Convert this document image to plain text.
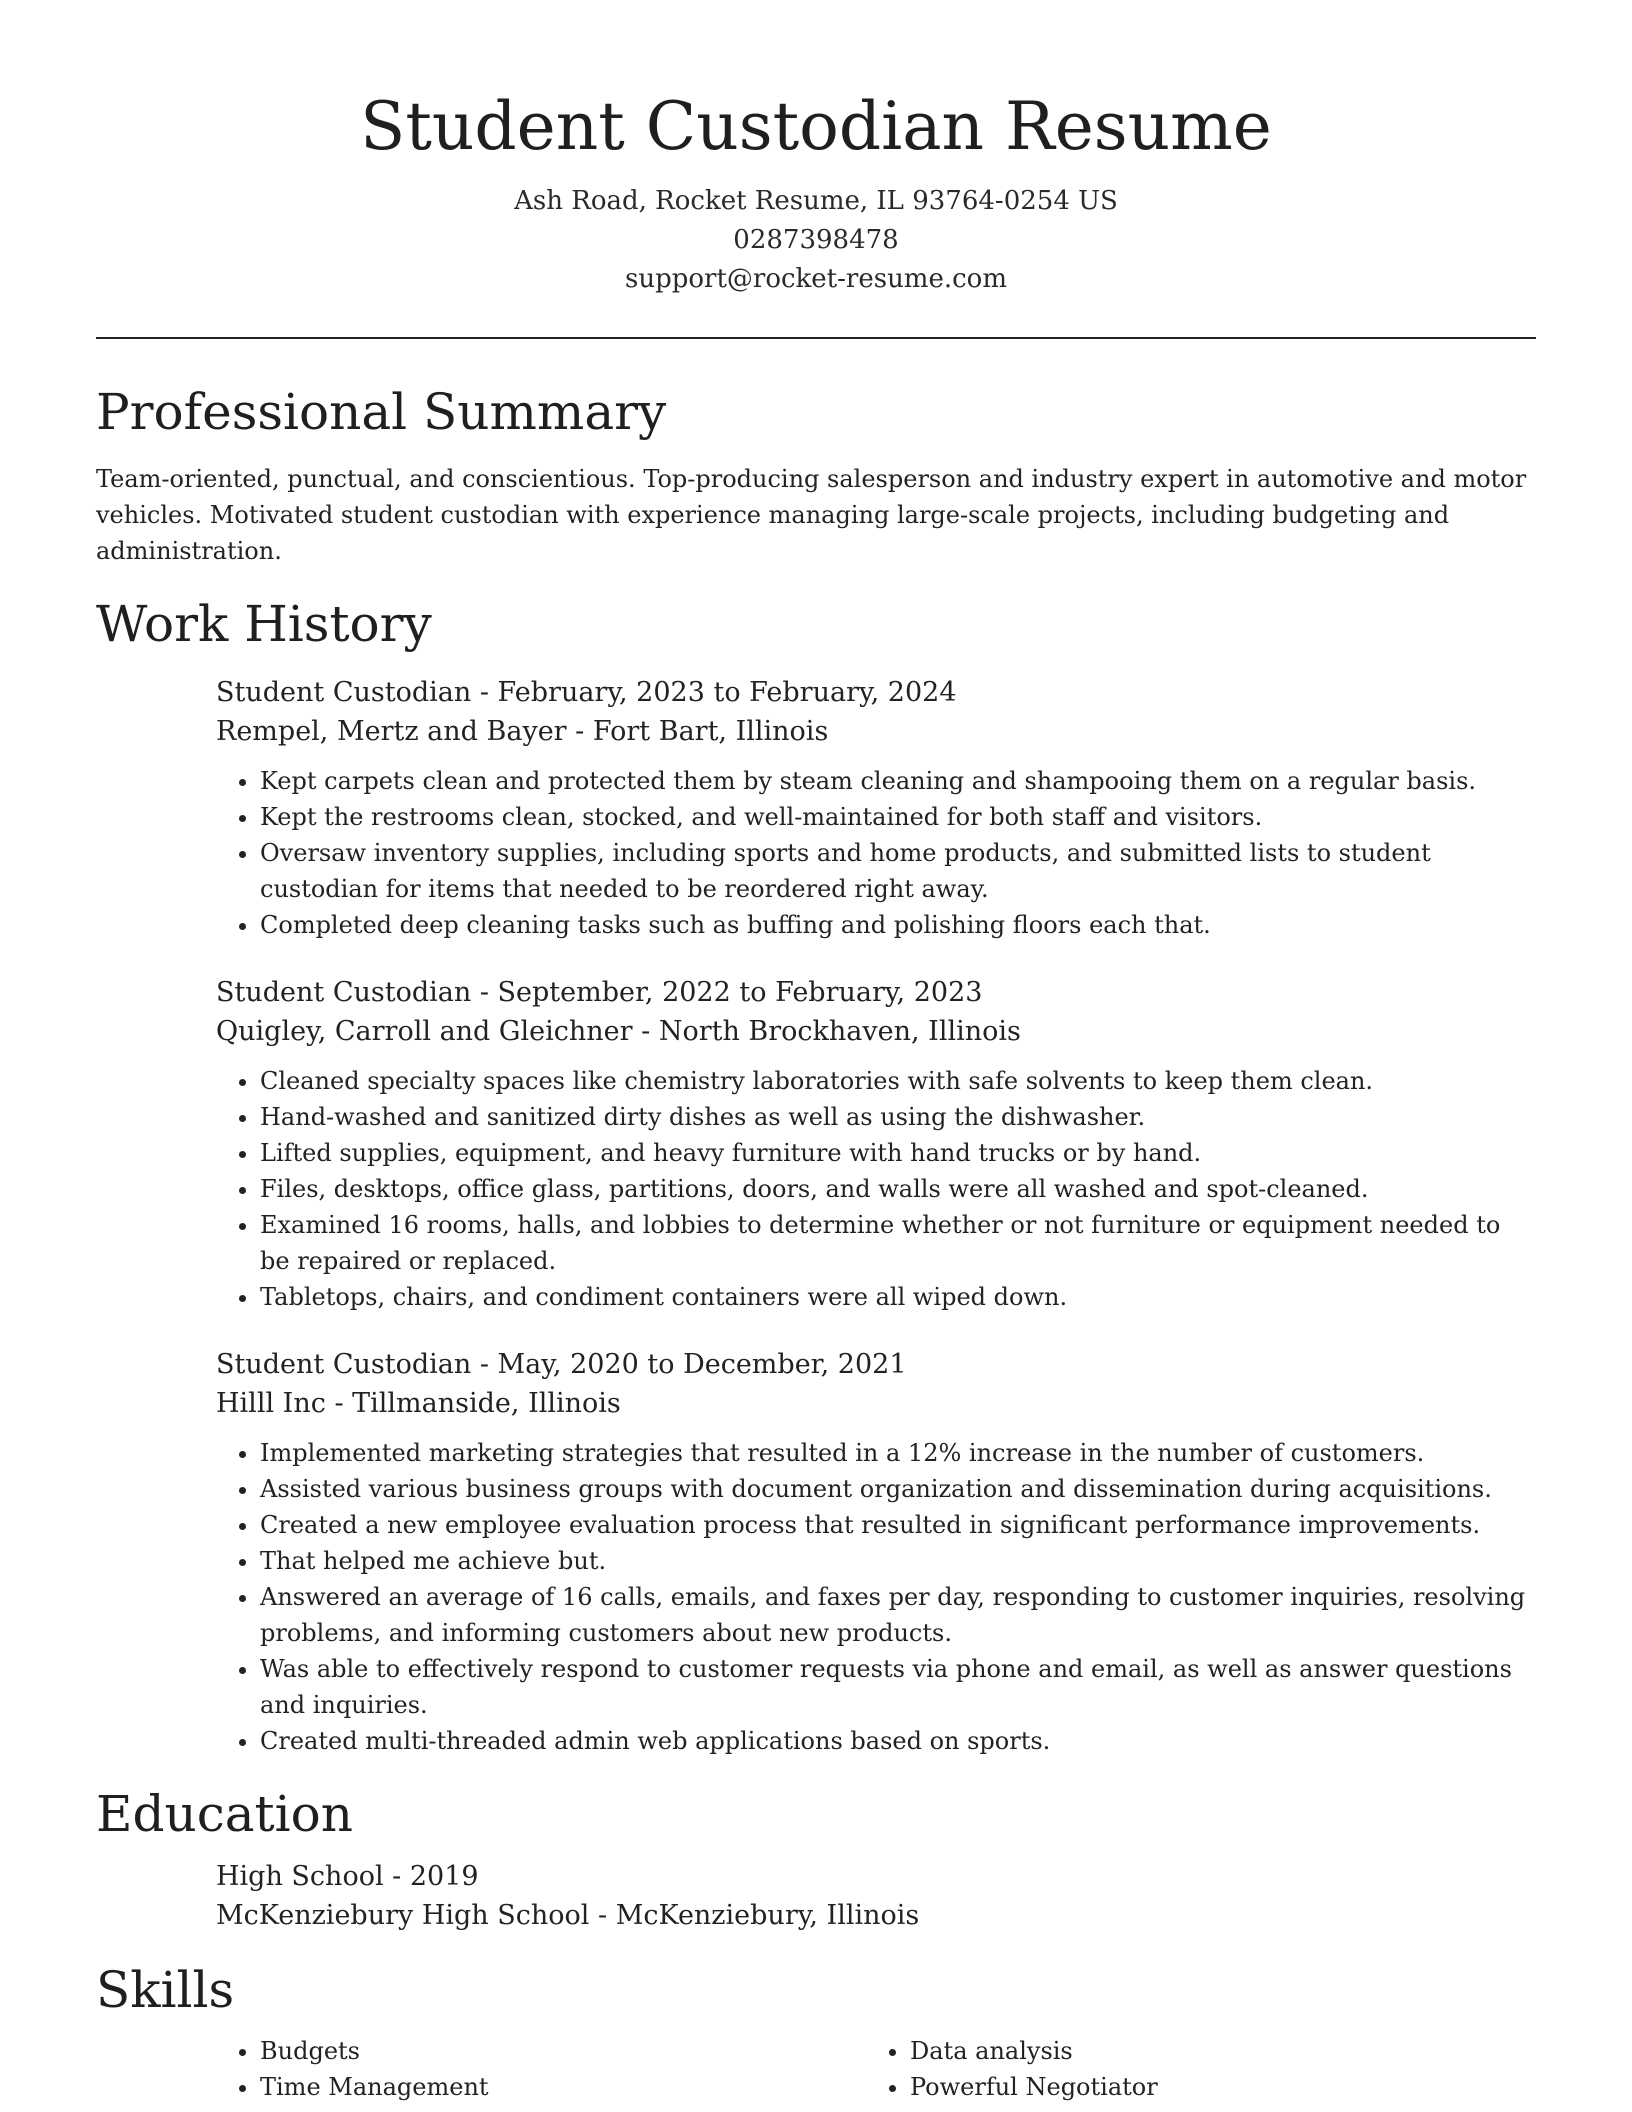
Student Custodian Resume
Ash Road, Rocket Resume, IL 93764-0254 US
0287398478
support@rocket-resume.com
Professional Summary

Team-oriented, punctual, and conscientious. Top-producing salesperson and industry expert in automotive and motor vehicles. Motivated student custodian with experience managing large-scale projects, including budgeting and administration.

Work History
Student Custodian - February, 2023 to February, 2024
Rempel, Mertz and Bayer - Fort Bart, Illinois
• Kept carpets clean and protected them by steam cleaning and shampooing them on a regular basis.
• Kept the restrooms clean, stocked, and well-maintained for both staff and visitors.
• Oversaw inventory supplies, including sports and home products, and submitted lists to student custodian for items that needed to be reordered right away.
• Completed deep cleaning tasks such as buffing and polishing floors each that.
Student Custodian - September, 2022 to February, 2023
Quigley, Carroll and Gleichner - North Brockhaven, Illinois
• Cleaned specialty spaces like chemistry laboratories with safe solvents to keep them clean.
• Hand-washed and sanitized dirty dishes as well as using the dishwasher.
• Lifted supplies, equipment, and heavy furniture with hand trucks or by hand.
• Files, desktops, office glass, partitions, doors, and walls were all washed and spot-cleaned.
• Examined 16 rooms, halls, and lobbies to determine whether or not furniture or equipment needed to be repaired or replaced.
• Tabletops, chairs, and condiment containers were all wiped down.
Student Custodian - May, 2020 to December, 2021
Hilll Inc - Tillmanside, Illinois
• Implemented marketing strategies that resulted in a 12% increase in the number of customers.
• Assisted various business groups with document organization and dissemination during acquisitions.
• Created a new employee evaluation process that resulted in significant performance improvements.
• That helped me achieve but.
• Answered an average of 16 calls, emails, and faxes per day, responding to customer inquiries, resolving problems, and informing customers about new products.
• Was able to effectively respond to customer requests via phone and email, as well as answer questions and inquiries.
• Created multi-threaded admin web applications based on sports.
Education
High School - 2019
McKenziebury High School - McKenziebury, Illinois
Skills
• Budgets
• Time Management
• Data analysis
• Powerful Negotiator
